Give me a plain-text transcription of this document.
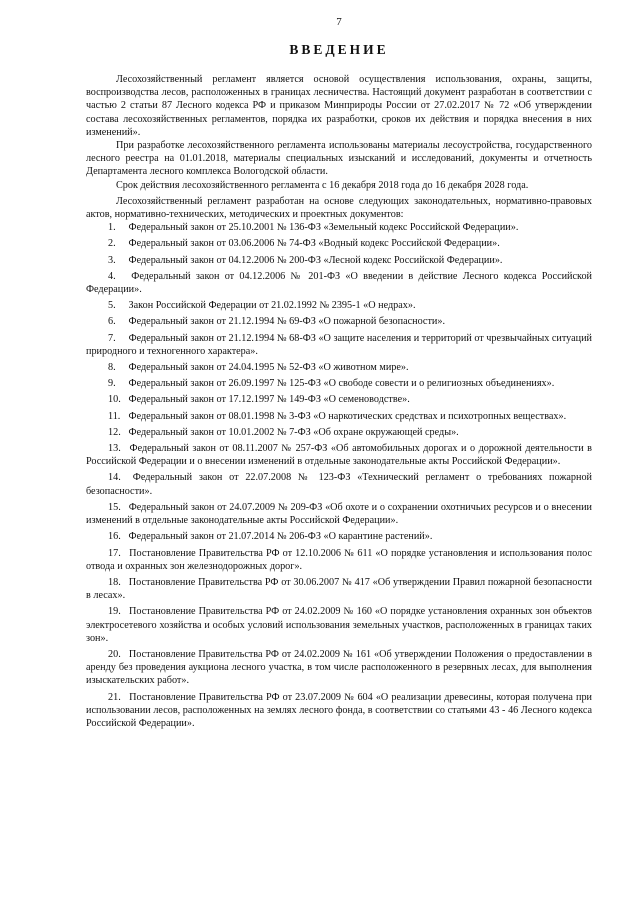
7
ВВЕДЕНИЕ

Лесохозяйственный регламент является основой осуществления использования, охраны, защиты, воспроизводства лесов, расположенных в границах лесничества. Настоящий документ разработан в соответствии с частью 2 статьи 87 Лесного кодекса РФ и приказом Минприроды России от 27.02.2017 № 72 «Об утверждении состава лесохозяйственных регламентов, порядка их разработки, сроков их действия и порядка внесения в них изменений».

При разработке лесохозяйственного регламента использованы материалы лесоустройства, государственного лесного реестра на 01.01.2018, материалы специальных изысканий и исследований, документы и отчетность Департамента лесного комплекса Вологодской области.

Срок действия лесохозяйственного регламента с 16 декабря 2018 года до 16 декабря 2028 года.

Лесохозяйственный регламент разработан на основе следующих законодательных, нормативно-правовых актов, нормативно-технических, методических и проектных документов:

1. Федеральный закон от 25.10.2001 № 136-ФЗ «Земельный кодекс Российской Федерации».
2. Федеральный закон от 03.06.2006 № 74-ФЗ «Водный кодекс Российской Федерации».
3. Федеральный закон от 04.12.2006 № 200-ФЗ «Лесной кодекс Российской Федерации».
4. Федеральный закон от 04.12.2006 № 201-ФЗ «О введении в действие Лесного кодекса Российской Федерации».
5. Закон Российской Федерации от 21.02.1992 № 2395-1 «О недрах».
6. Федеральный закон от 21.12.1994 № 69-ФЗ «О пожарной безопасности».
7. Федеральный закон от 21.12.1994 № 68-ФЗ «О защите населения и территорий от чрезвычайных ситуаций природного и техногенного характера».
8. Федеральный закон от 24.04.1995 № 52-ФЗ «О животном мире».
9. Федеральный закон от 26.09.1997 № 125-ФЗ «О свободе совести и о религиозных объединениях».
10. Федеральный закон от 17.12.1997 № 149-ФЗ «О семеноводстве».
11. Федеральный закон от 08.01.1998 № 3-ФЗ «О наркотических средствах и психотропных веществах».
12. Федеральный закон от 10.01.2002 № 7-ФЗ «Об охране окружающей среды».
13. Федеральный закон от 08.11.2007 № 257-ФЗ «Об автомобильных дорогах и о дорожной деятельности в Российской Федерации и о внесении изменений в отдельные законодательные акты Российской Федерации».
14. Федеральный закон от 22.07.2008 № 123-ФЗ «Технический регламент о требованиях пожарной безопасности».
15. Федеральный закон от 24.07.2009 № 209-ФЗ «Об охоте и о сохранении охотничьих ресурсов и о внесении изменений в отдельные законодательные акты Российской Федерации».
16. Федеральный закон от 21.07.2014 № 206-ФЗ «О карантине растений».
17. Постановление Правительства РФ от 12.10.2006 № 611 «О порядке установления и использования полос отвода и охранных зон железнодорожных дорог».
18. Постановление Правительства РФ от 30.06.2007 № 417 «Об утверждении Правил пожарной безопасности в лесах».
19. Постановление Правительства РФ от 24.02.2009 № 160 «О порядке установления охранных зон объектов электросетевого хозяйства и особых условий использования земельных участков, расположенных в границах таких зон».
20. Постановление Правительства РФ от 24.02.2009 № 161 «Об утверждении Положения о предоставлении в аренду без проведения аукциона лесного участка, в том числе расположенного в резервных лесах, для выполнения изыскательских работ».
21. Постановление Правительства РФ от 23.07.2009 № 604 «О реализации древесины, которая получена при использовании лесов, расположенных на землях лесного фонда, в соответствии со статьями 43 - 46 Лесного кодекса Российской Федерации».
